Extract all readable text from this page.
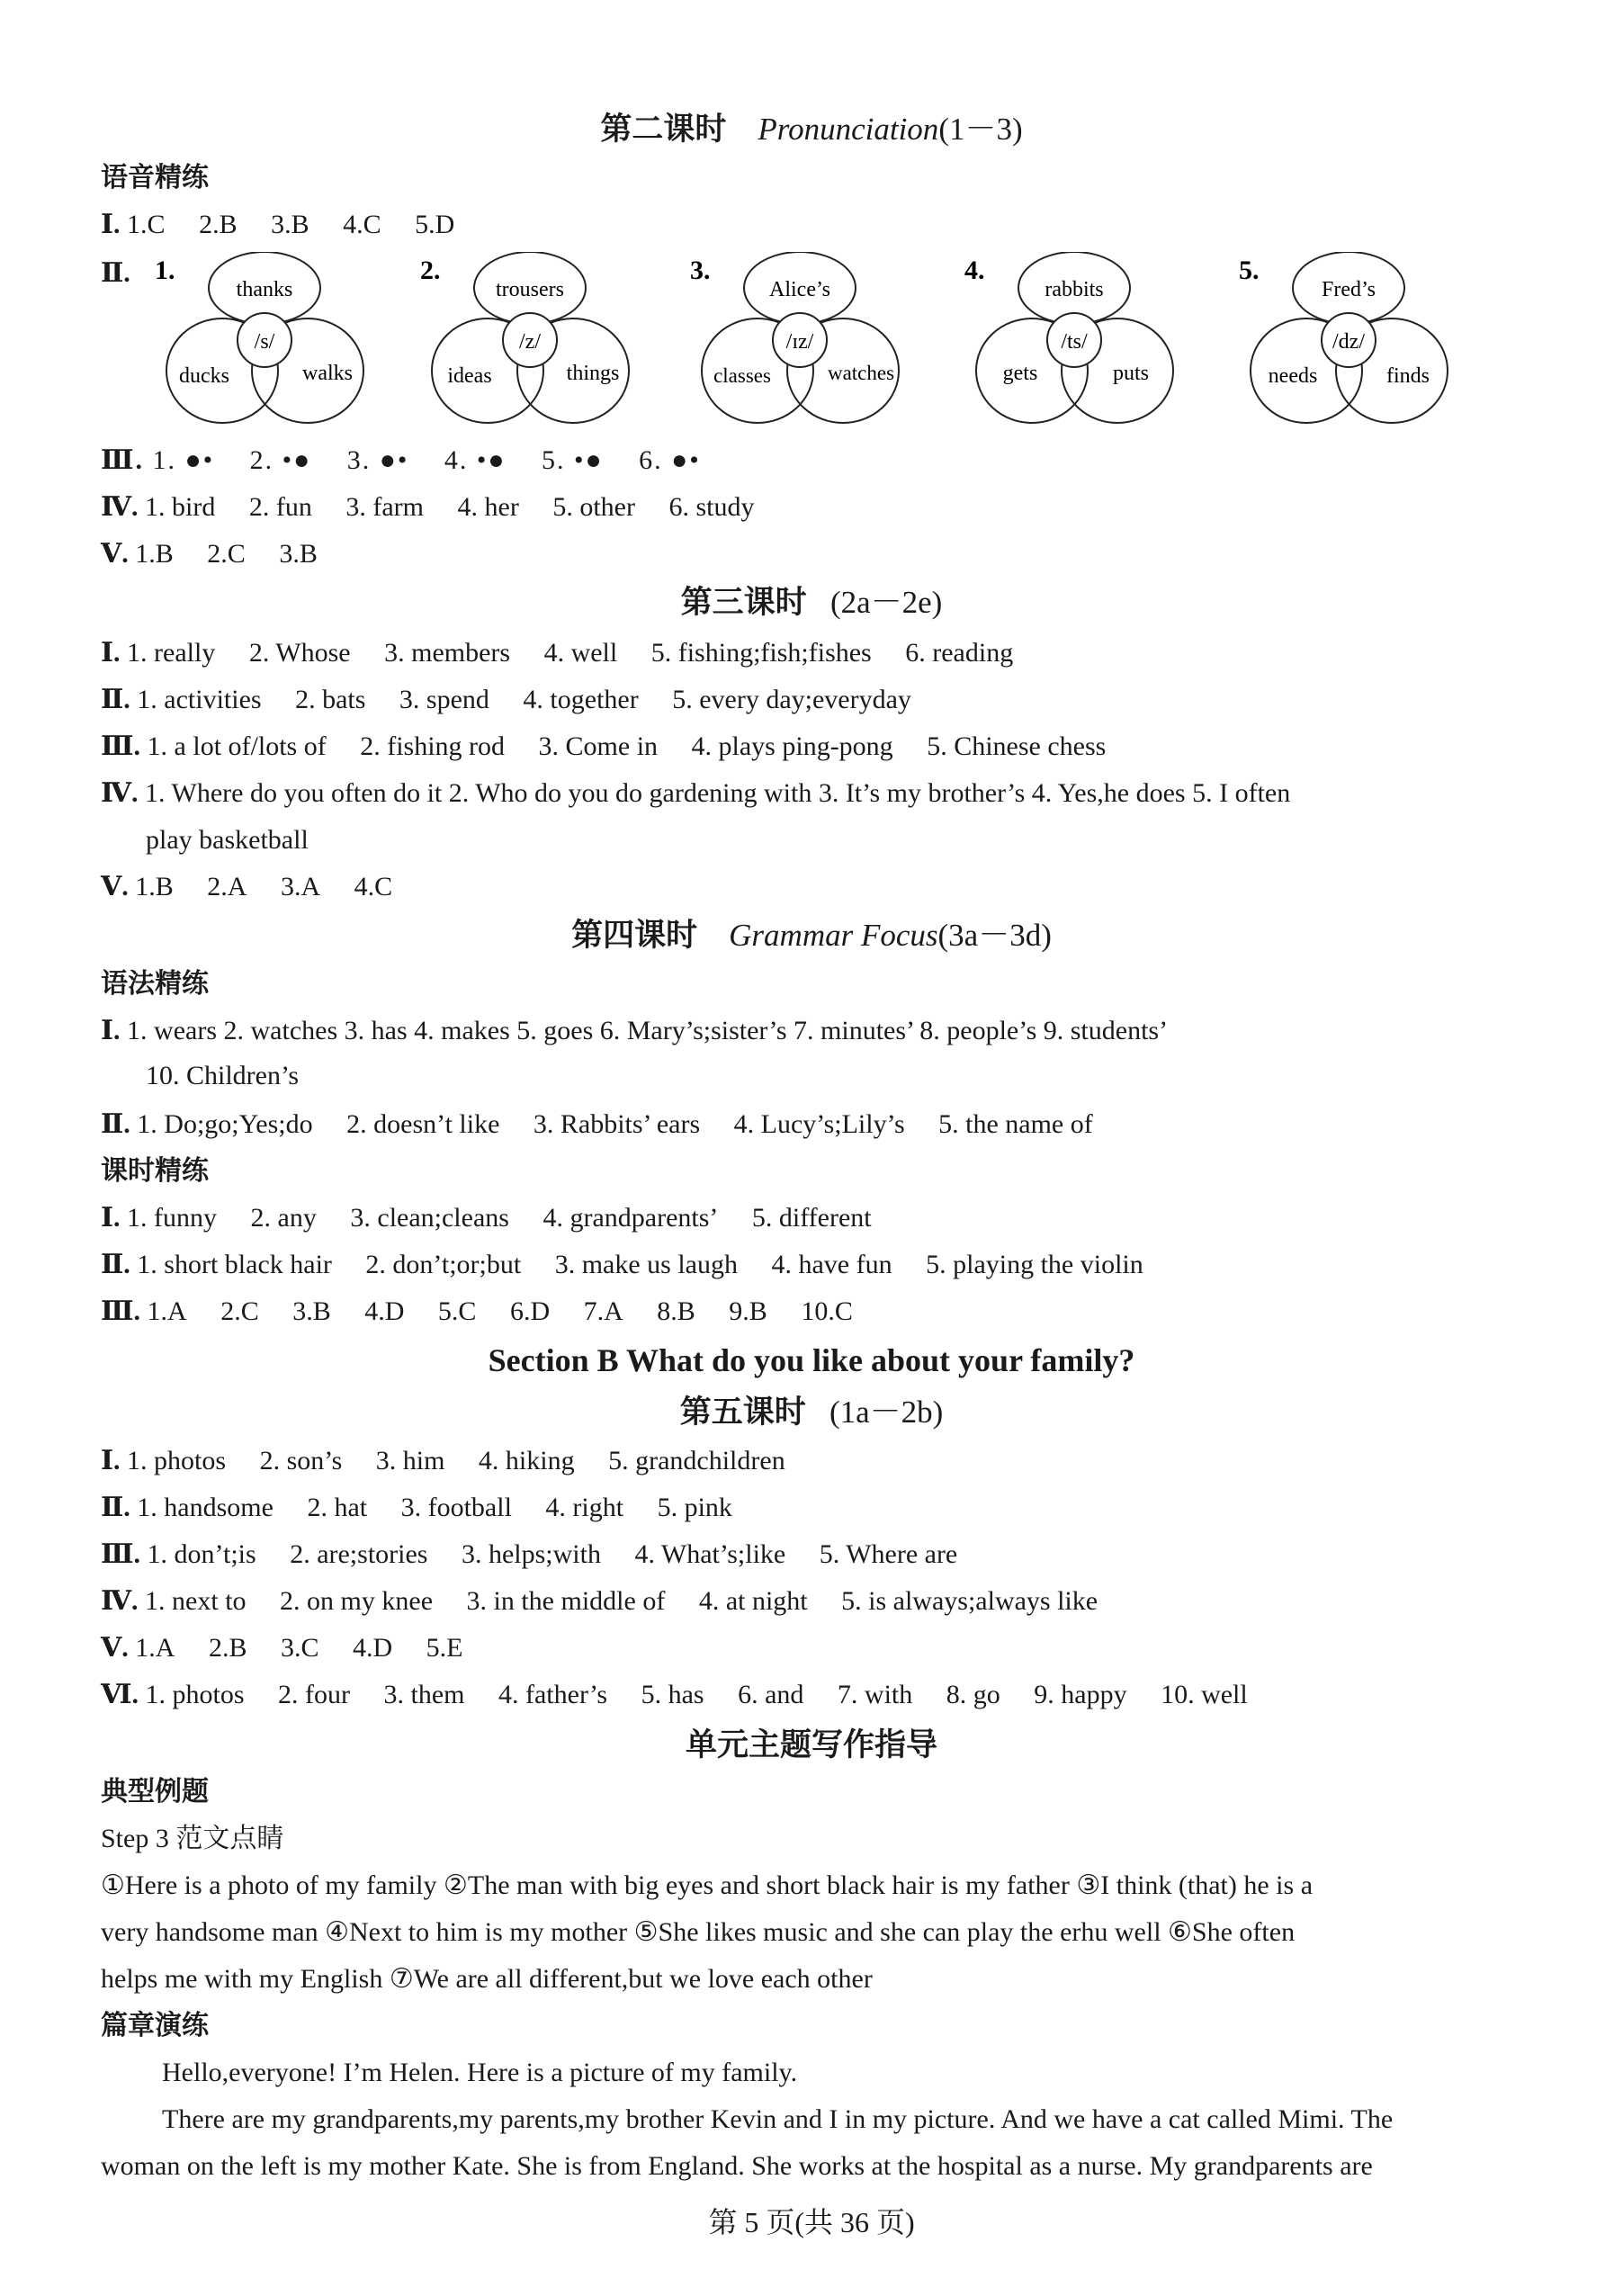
第二课时 Pronunciation(1－3)
语音精练
Ⅰ. 1.C 2.B 3.B 4.C 5.D
Ⅱ. 1.
thanks
/s/
ducks	walks
2.
trousers
/z/
ideas	things
3.
Alice’s
/ɪz/
classes	watches
4.
rabbits
/ts/
gets	puts
5.
Fred’s
/dz/
needs	finds
Ⅲ. 1. ●• 2. •● 3. ●• 4. •● 5. •● 6. ●•
Ⅳ. 1. bird 2. fun 3. farm 4. her 5. other 6. study
Ⅴ. 1.B 2.C 3.B
第三课时 (2a－2e)
Ⅰ. 1. really 2. Whose 3. members 4. well 5. fishing;fish;fishes 6. reading
Ⅱ. 1. activities 2. bats 3. spend 4. together 5. every day;everyday
Ⅲ. 1. a lot of/lots of 2. fishing rod 3. Come in 4. plays ping-pong 5. Chinese chess
Ⅳ. 1. Where do you often do it 2. Who do you do gardening with 3. It’s my brother’s 4. Yes,he does 5. I often
play basketball
Ⅴ. 1.B 2.A 3.A 4.C
第四课时 Grammar Focus(3a－3d)
语法精练
Ⅰ. 1. wears 2. watches 3. has 4. makes 5. goes 6. Mary’s;sister’s 7. minutes’ 8. people’s 9. students’
10. Children’s
Ⅱ. 1. Do;go;Yes;do 2. doesn’t like 3. Rabbits’ ears 4. Lucy’s;Lily’s 5. the name of
课时精练
Ⅰ. 1. funny 2. any 3. clean;cleans 4. grandparents’ 5. different
Ⅱ. 1. short black hair 2. don’t;or;but 3. make us laugh 4. have fun 5. playing the violin
Ⅲ. 1.A 2.C 3.B 4.D 5.C 6.D 7.A 8.B 9.B 10.C
Section B What do you like about your family?
第五课时 (1a－2b)
Ⅰ. 1. photos 2. son’s 3. him 4. hiking 5. grandchildren
Ⅱ. 1. handsome 2. hat 3. football 4. right 5. pink
Ⅲ. 1. don’t;is 2. are;stories 3. helps;with 4. What’s;like 5. Where are
Ⅳ. 1. next to 2. on my knee 3. in the middle of 4. at night 5. is always;always like
Ⅴ. 1.A 2.B 3.C 4.D 5.E
Ⅵ. 1. photos 2. four 3. them 4. father’s 5. has 6. and 7. with 8. go 9. happy 10. well
单元主题写作指导
典型例题
Step 3 范文点睛
①Here is a photo of my family ②The man with big eyes and short black hair is my father ③I think (that) he is a
very handsome man ④Next to him is my mother ⑤She likes music and she can play the erhu well ⑥She often
helps me with my English ⑦We are all different,but we love each other
篇章演练
Hello,everyone! I’m Helen. Here is a picture of my family.
There are my grandparents,my parents,my brother Kevin and I in my picture. And we have a cat called Mimi. The
woman on the left is my mother Kate. She is from England. She works at the hospital as a nurse. My grandparents are
第 5 页(共 36 页)
